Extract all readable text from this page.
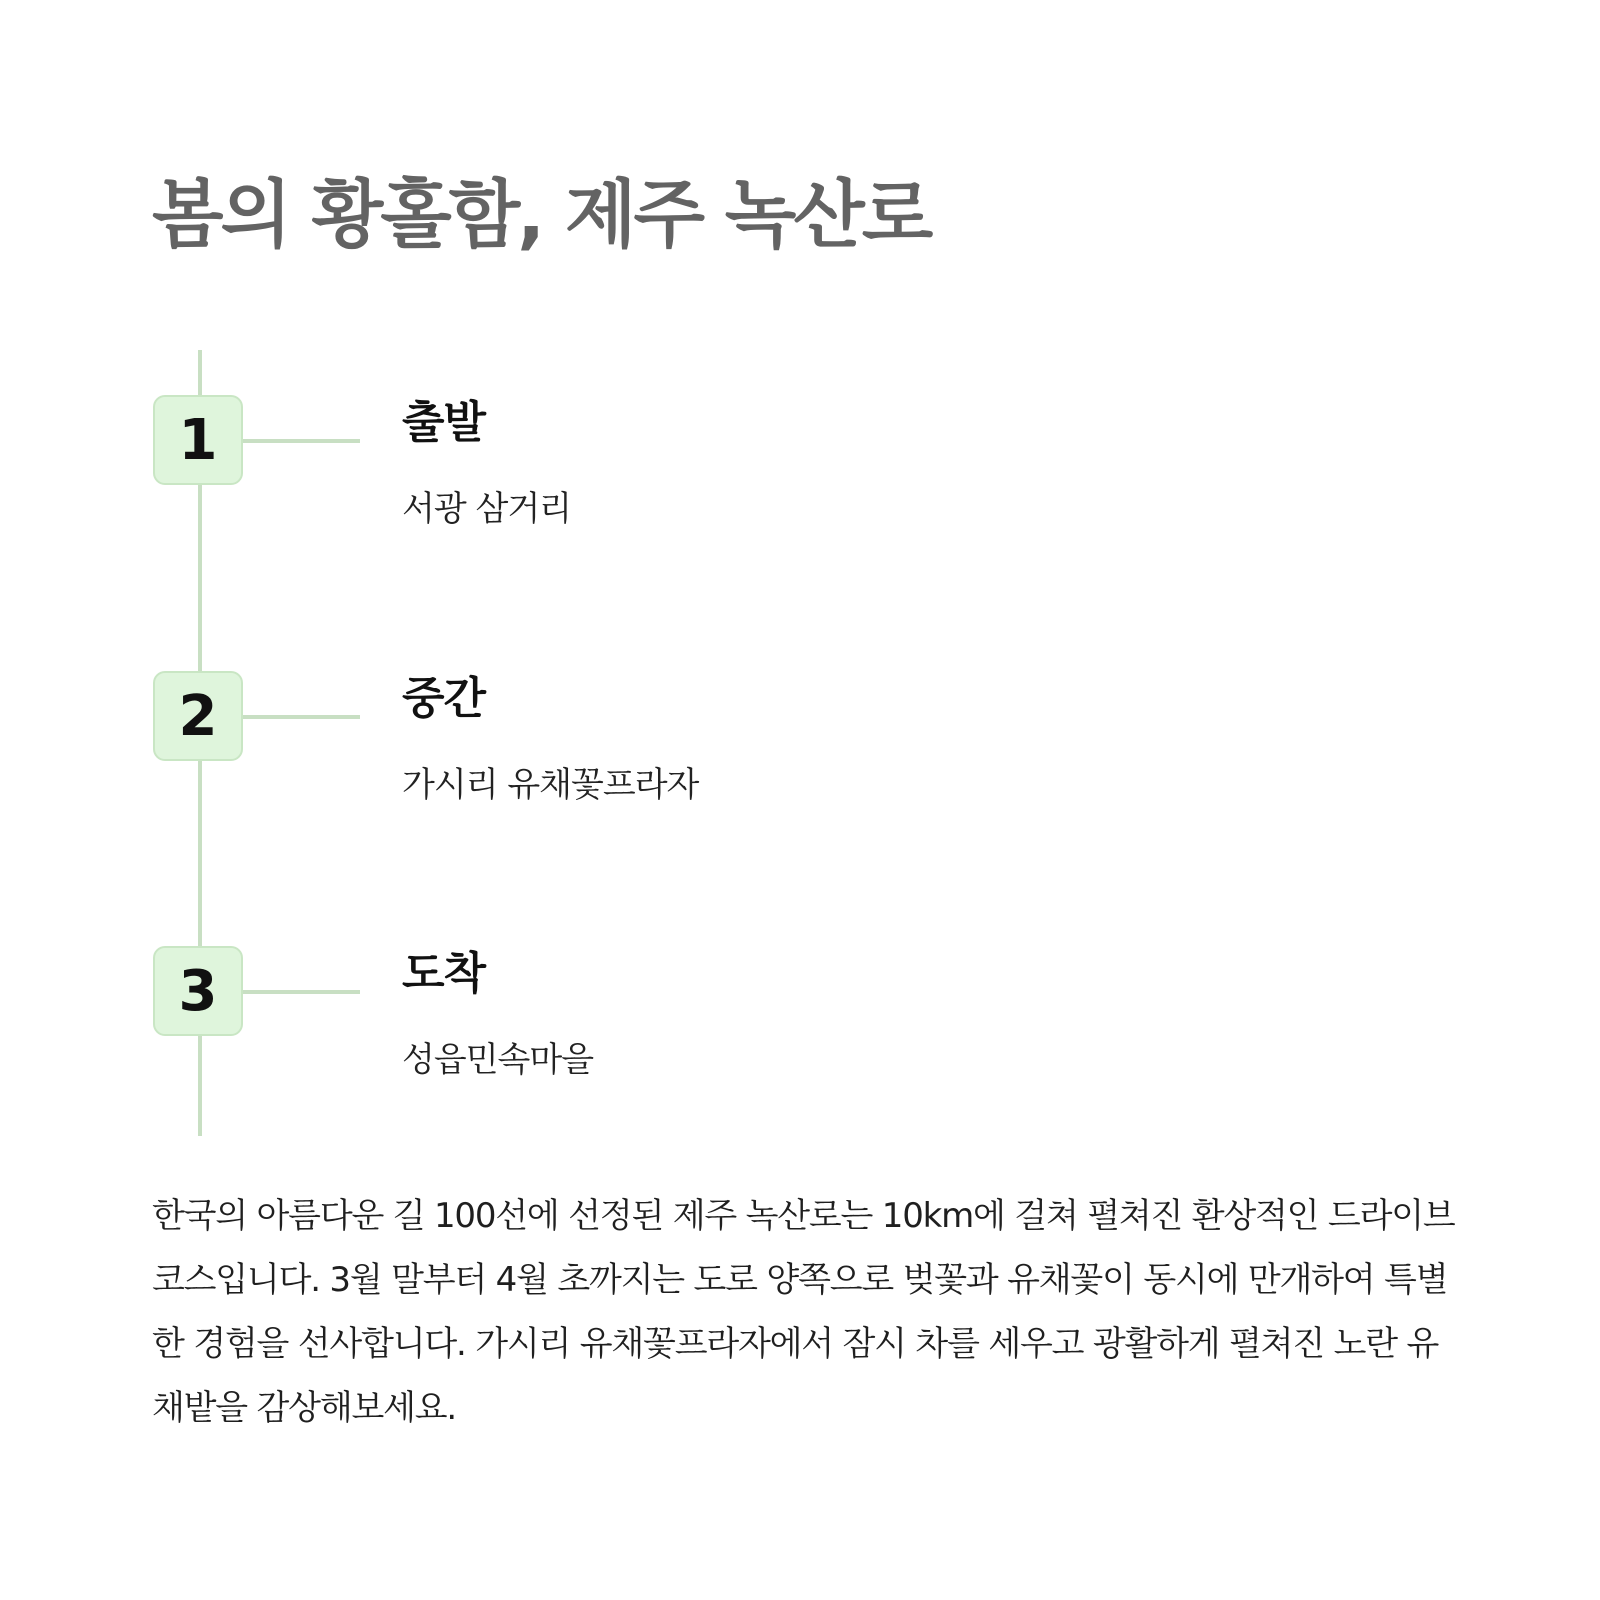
봄의 황홀함, 제주 녹산로
1	출발
서광 삼거리
2	중간
가시리 유채꽃프라자
3	도착
성읍민속마을

한국의 아름다운 길 100선에 선정된 제주 녹산로는 10km에 걸쳐 펼쳐진 환상적인 드라이브 코스입니다. 3월 말부터 4월 초까지는 도로 양쪽으로 벚꽃과 유채꽃이 동시에 만개하여 특별한 경험을 선사합니다. 가시리 유채꽃프라자에서 잠시 차를 세우고 광활하게 펼쳐진 노란 유채밭을 감상해보세요.
